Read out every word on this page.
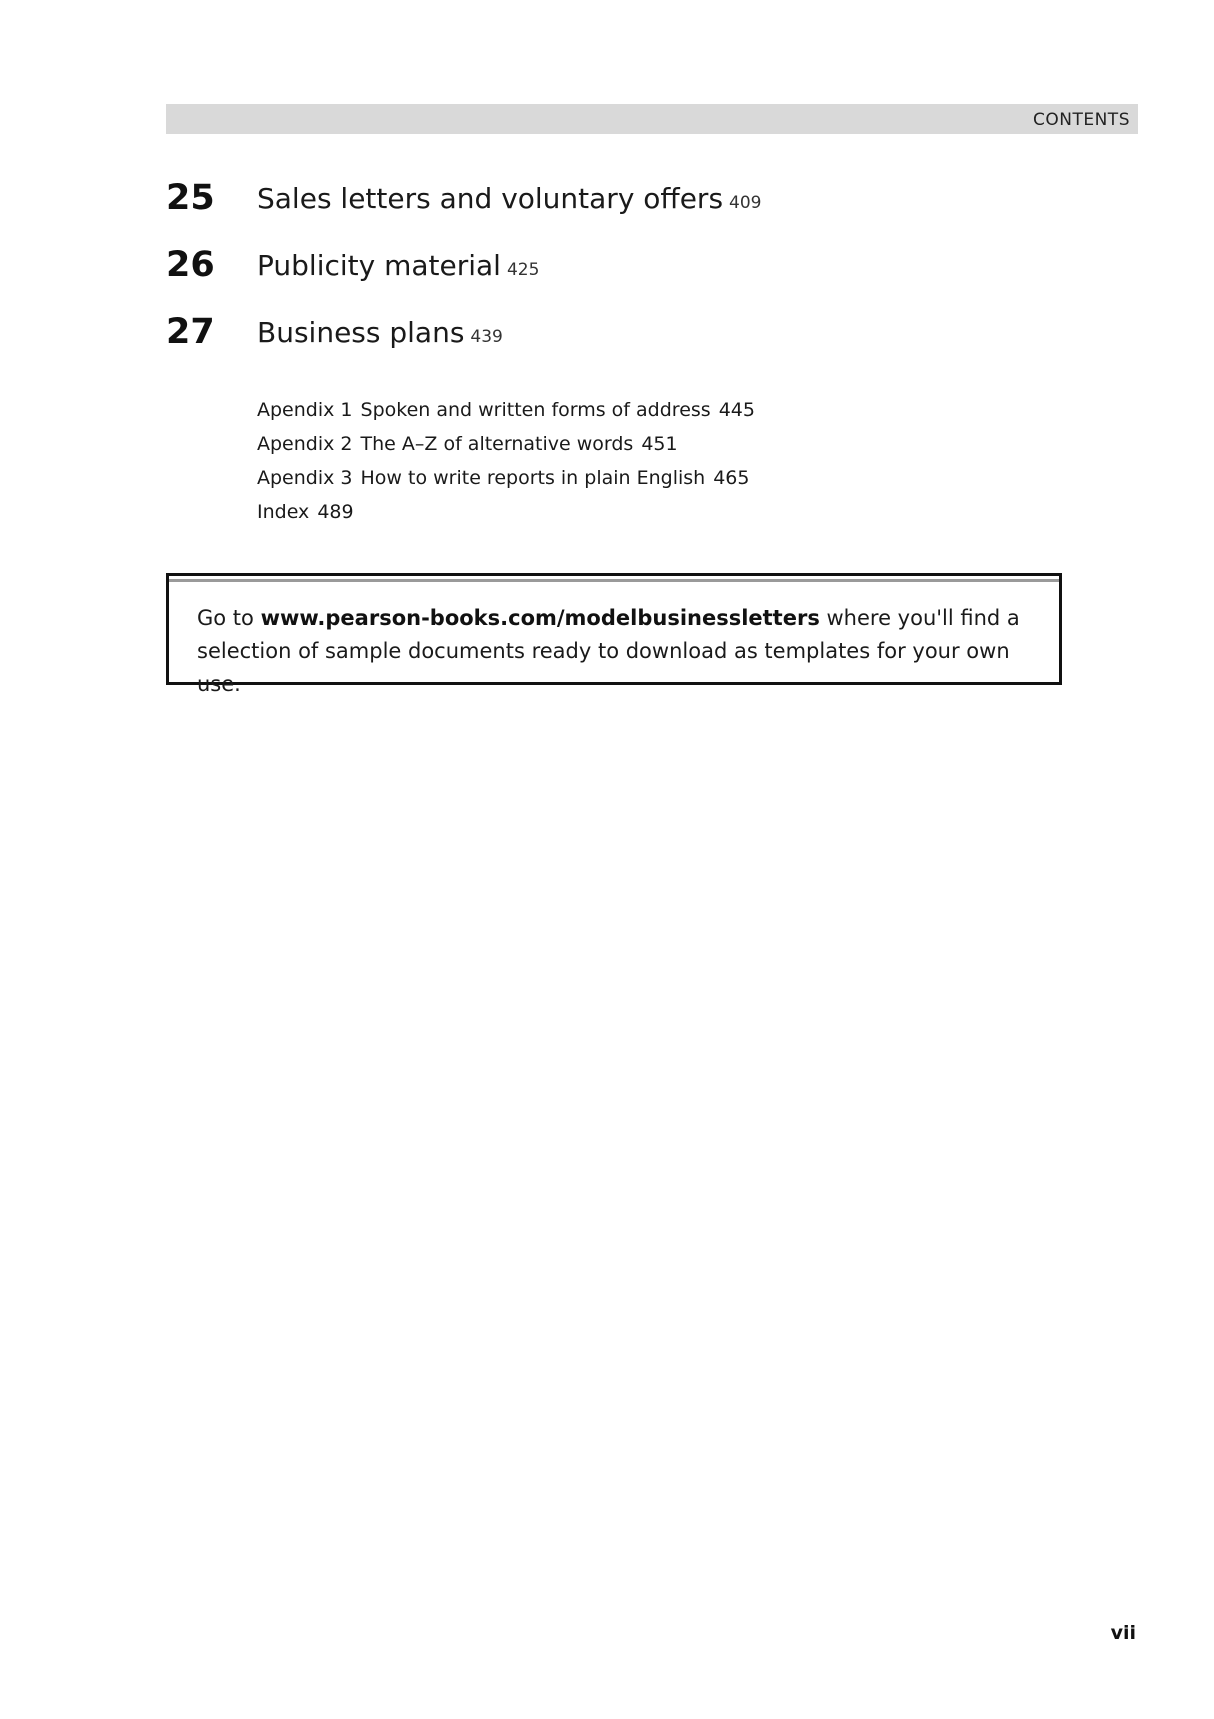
CONTENTS
25 Sales letters and voluntary offers 409
26 Publicity material 425
27 Business plans 439
Apendix 1 Spoken and written forms of address 445
Apendix 2 The A–Z of alternative words 451
Apendix 3 How to write reports in plain English 465
Index 489
Go to www.pearson-books.com/modelbusinessletters where you'll find a selection of sample documents ready to download as templates for your own use.
vii
